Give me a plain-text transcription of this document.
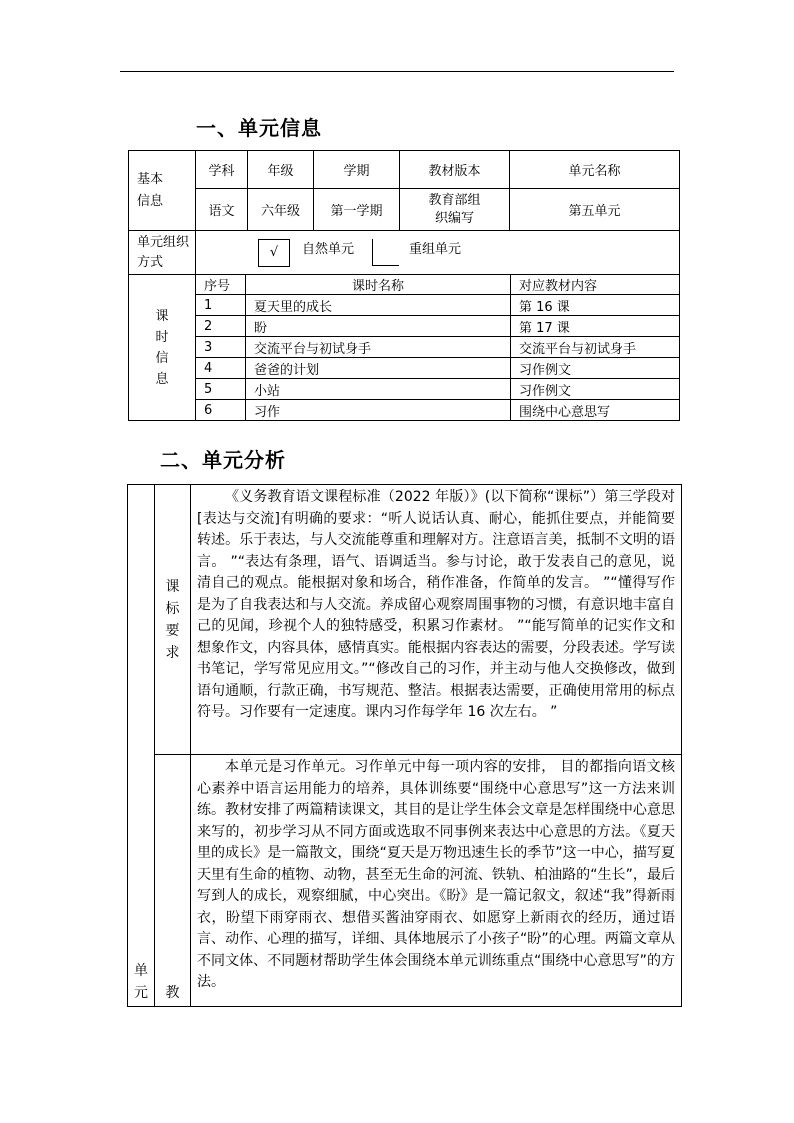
一、单元信息
基本信息	学科	年级	学期	教材版本	单元名称
	语文	六年级	第一学期	教育部组织编写	第五单元

单元组织方式	√ 自然单元 重组单元				
课时信息	序号	课时名称	对应教材内容
	1	夏天里的成长	第 16 课
	2	盼	第 17 课
	3	交流平台与初试身手	交流平台与初试身手
	4	爸爸的计划	习作例文
	5	小站	习作例文
	6	习作	围绕中心意思写
二、单元分析
单元	课标要求	《义务教育语文课程标准（2022 年版）》(以下简称“课标”）第三学段对[表达与交流]有明确的要求：“听人说话认真、耐心，能抓住要点，并能简要转述。乐于表达，与人交流能尊重和理解对方。注意语言美，抵制不文明的语言。 ”“表达有条理，语气、语调适当。参与讨论，敢于发表自己的意见，说清自己的观点。能根据对象和场合，稍作准备，作简单的发言。 ”“懂得写作是为了自我表达和与人交流。养成留心观察周围事物的习惯，有意识地丰富自己的见闻，珍视个人的独特感受，积累习作素材。 ”“能写简单的记实作文和想象作文，内容具体，感情真实。能根据内容表达的需要，分段表述。学写读书笔记，学写常见应用文。”“修改自己的习作，并主动与他人交换修改，做到语句通顺，行款正确，书写规范、整洁。根据表达需要，正确使用常用的标点符号。习作要有一定速度。课内习作每学年 16 次左右。 ”

	教	本单元是习作单元。习作单元中每一项内容的安排， 目的都指向语文核心素养中语言运用能力的培养，具体训练要“围绕中心意思写”这一方法来训练。教材安排了两篇精读课文，其目的是让学生体会文章是怎样围绕中心意思来写的，初步学习从不同方面或选取不同事例来表达中心意思的方法。《夏天里的成长》是一篇散文，围绕“夏天是万物迅速生长的季节”这一中心，描写夏天里有生命的植物、动物，甚至无生命的河流、铁轨、柏油路的“生长”，最后写到人的成长，观察细腻，中心突出。《盼》是一篇记叙文，叙述“我”得新雨衣，盼望下雨穿雨衣、想借买酱油穿雨衣、如愿穿上新雨衣的经历，通过语言、动作、心理的描写，详细、具体地展示了小孩子“盼”的心理。两篇文章从不同文体、不同题材帮助学生体会围绕本单元训练重点“围绕中心意思写”的方法。
